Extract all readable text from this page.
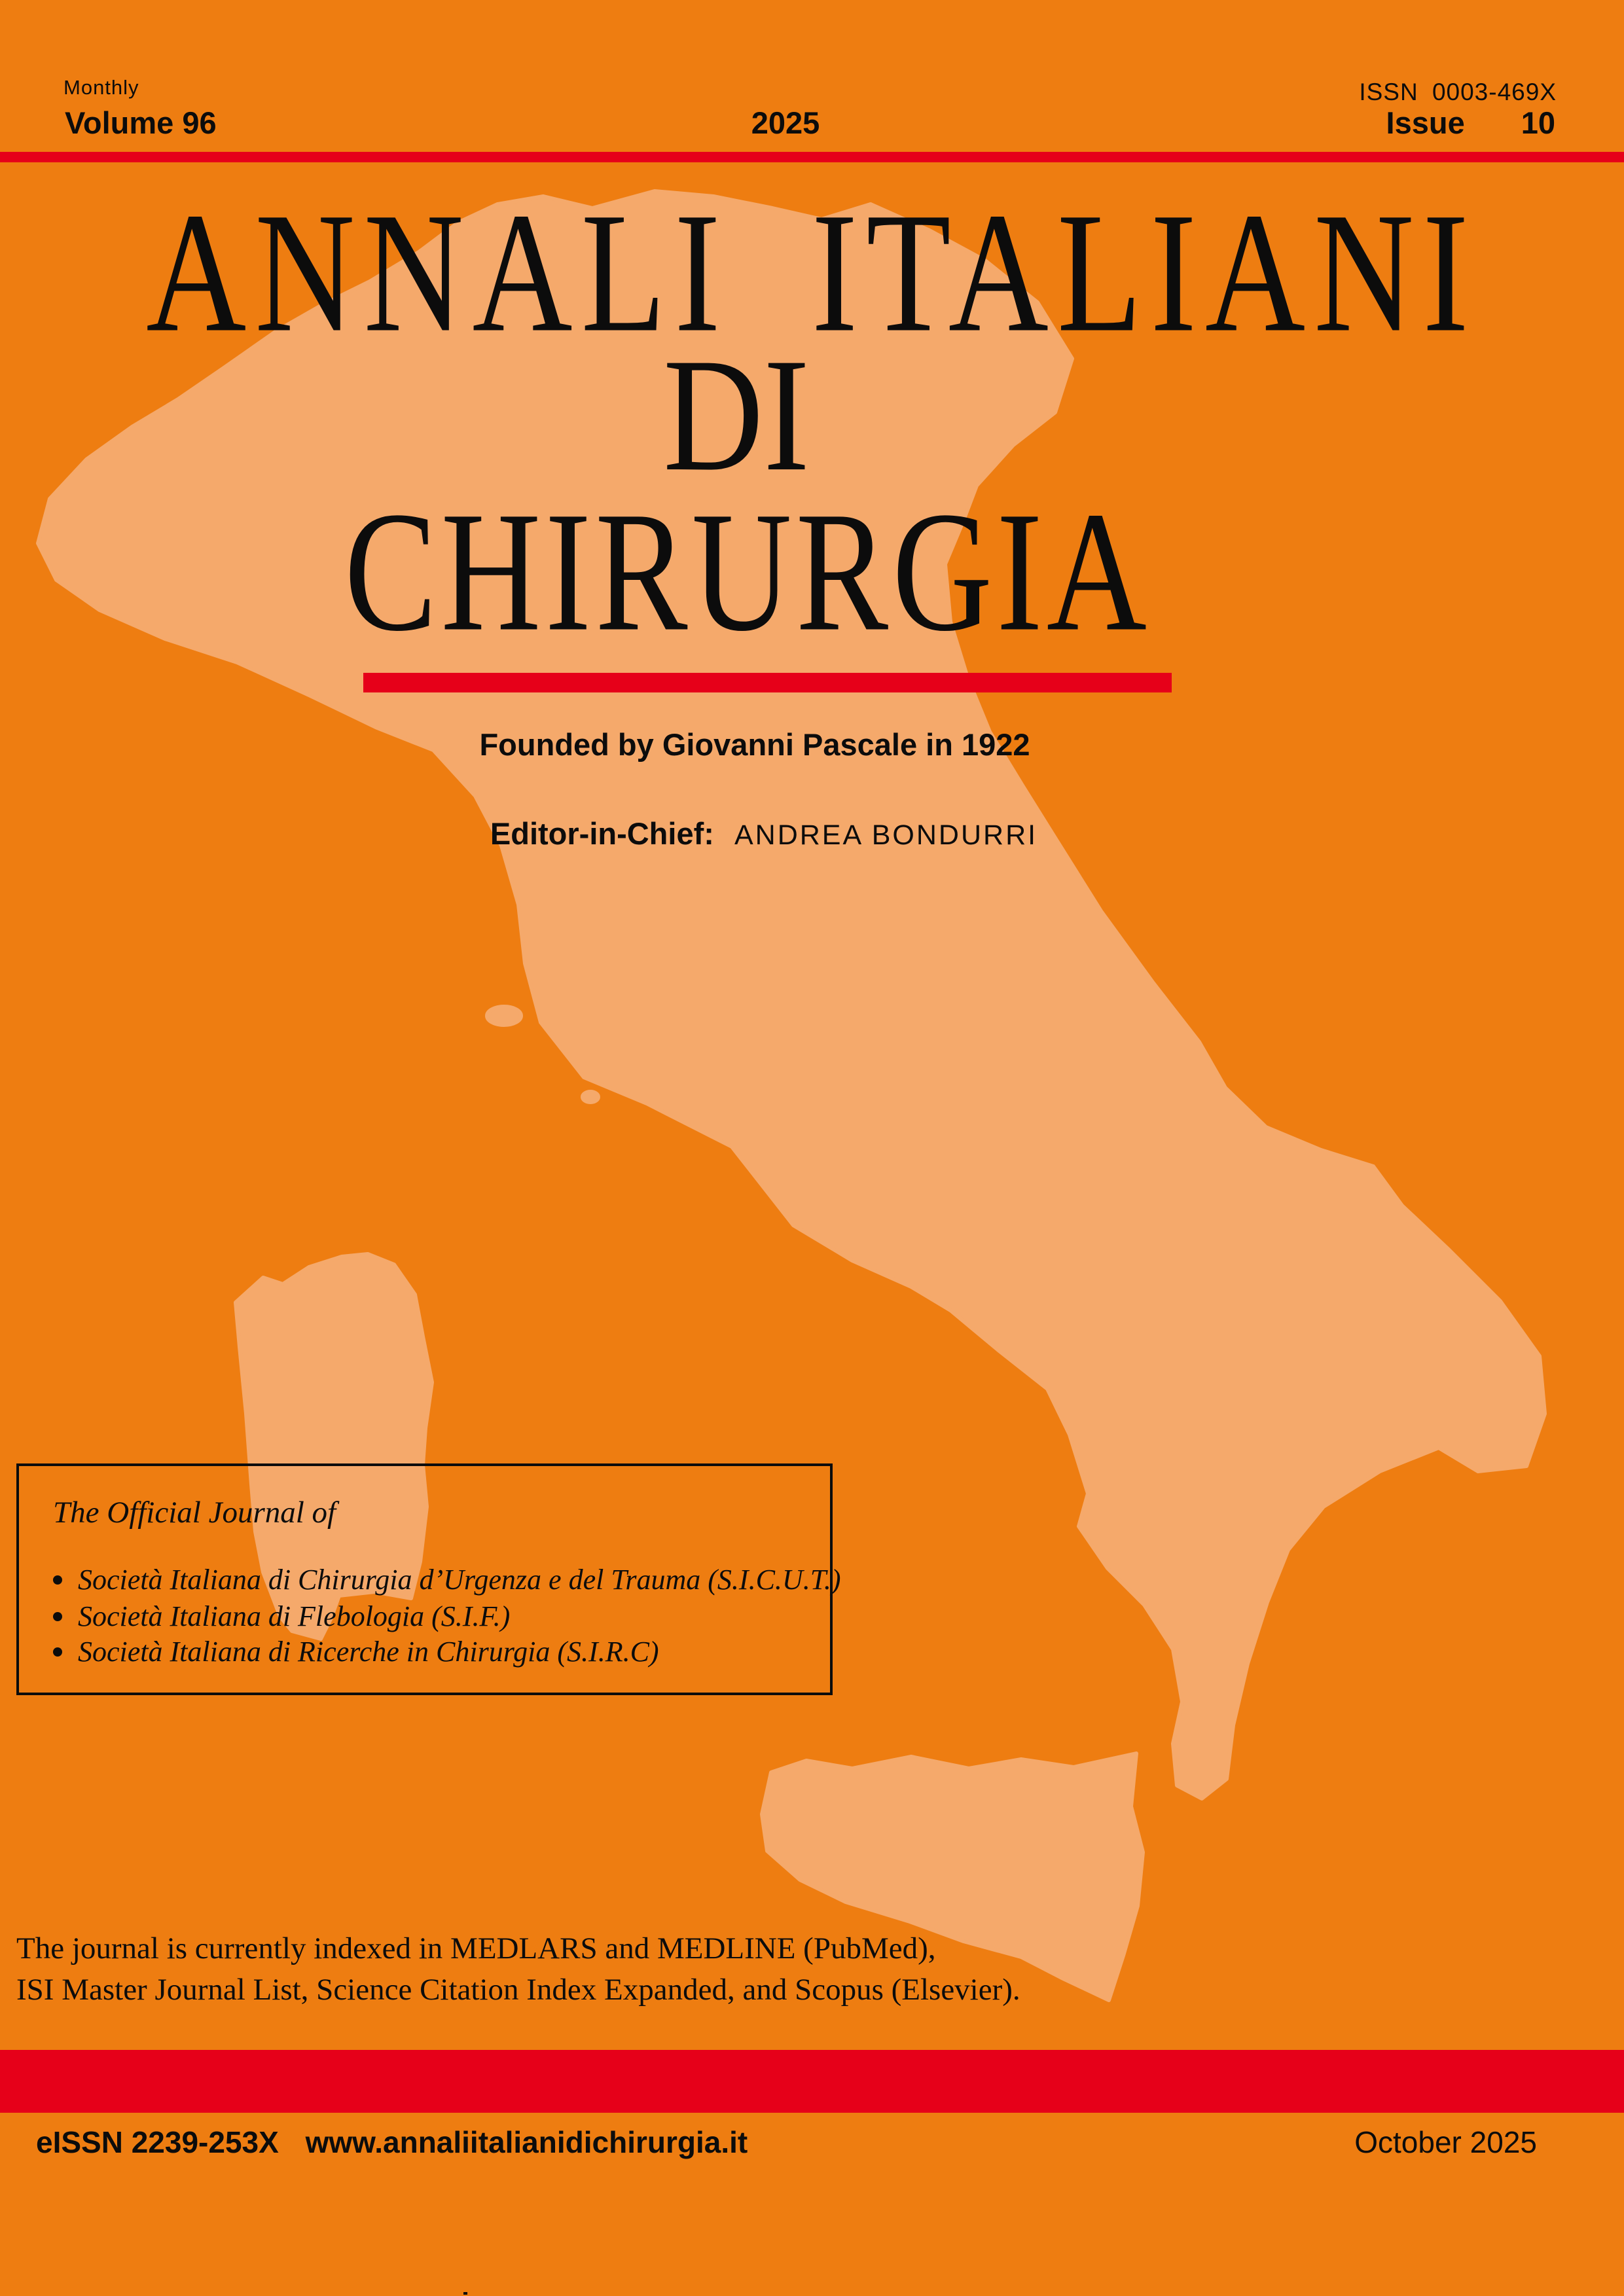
Monthly
Volume 96	2025
ISSN 0003-469X
Issue 10
ANNALI ITALIANI
DI
CHIRURGIA
Founded by Giovanni Pascale in 1922
Editor-in-Chief: ANDREA BONDURRI
The Official Journal of
Società Italiana di Chirurgia d’Urgenza e del Trauma (S.I.C.U.T.)
Società Italiana di Flebologia (S.I.F.)
Società Italiana di Ricerche in Chirurgia (S.I.R.C)
The journal is currently indexed in MEDLARS and MEDLINE (PubMed),
ISI Master Journal List, Science Citation Index Expanded, and Scopus (Elsevier).
eISSN 2239-253X www.annaliitalianidichirurgia.it	October 2025
